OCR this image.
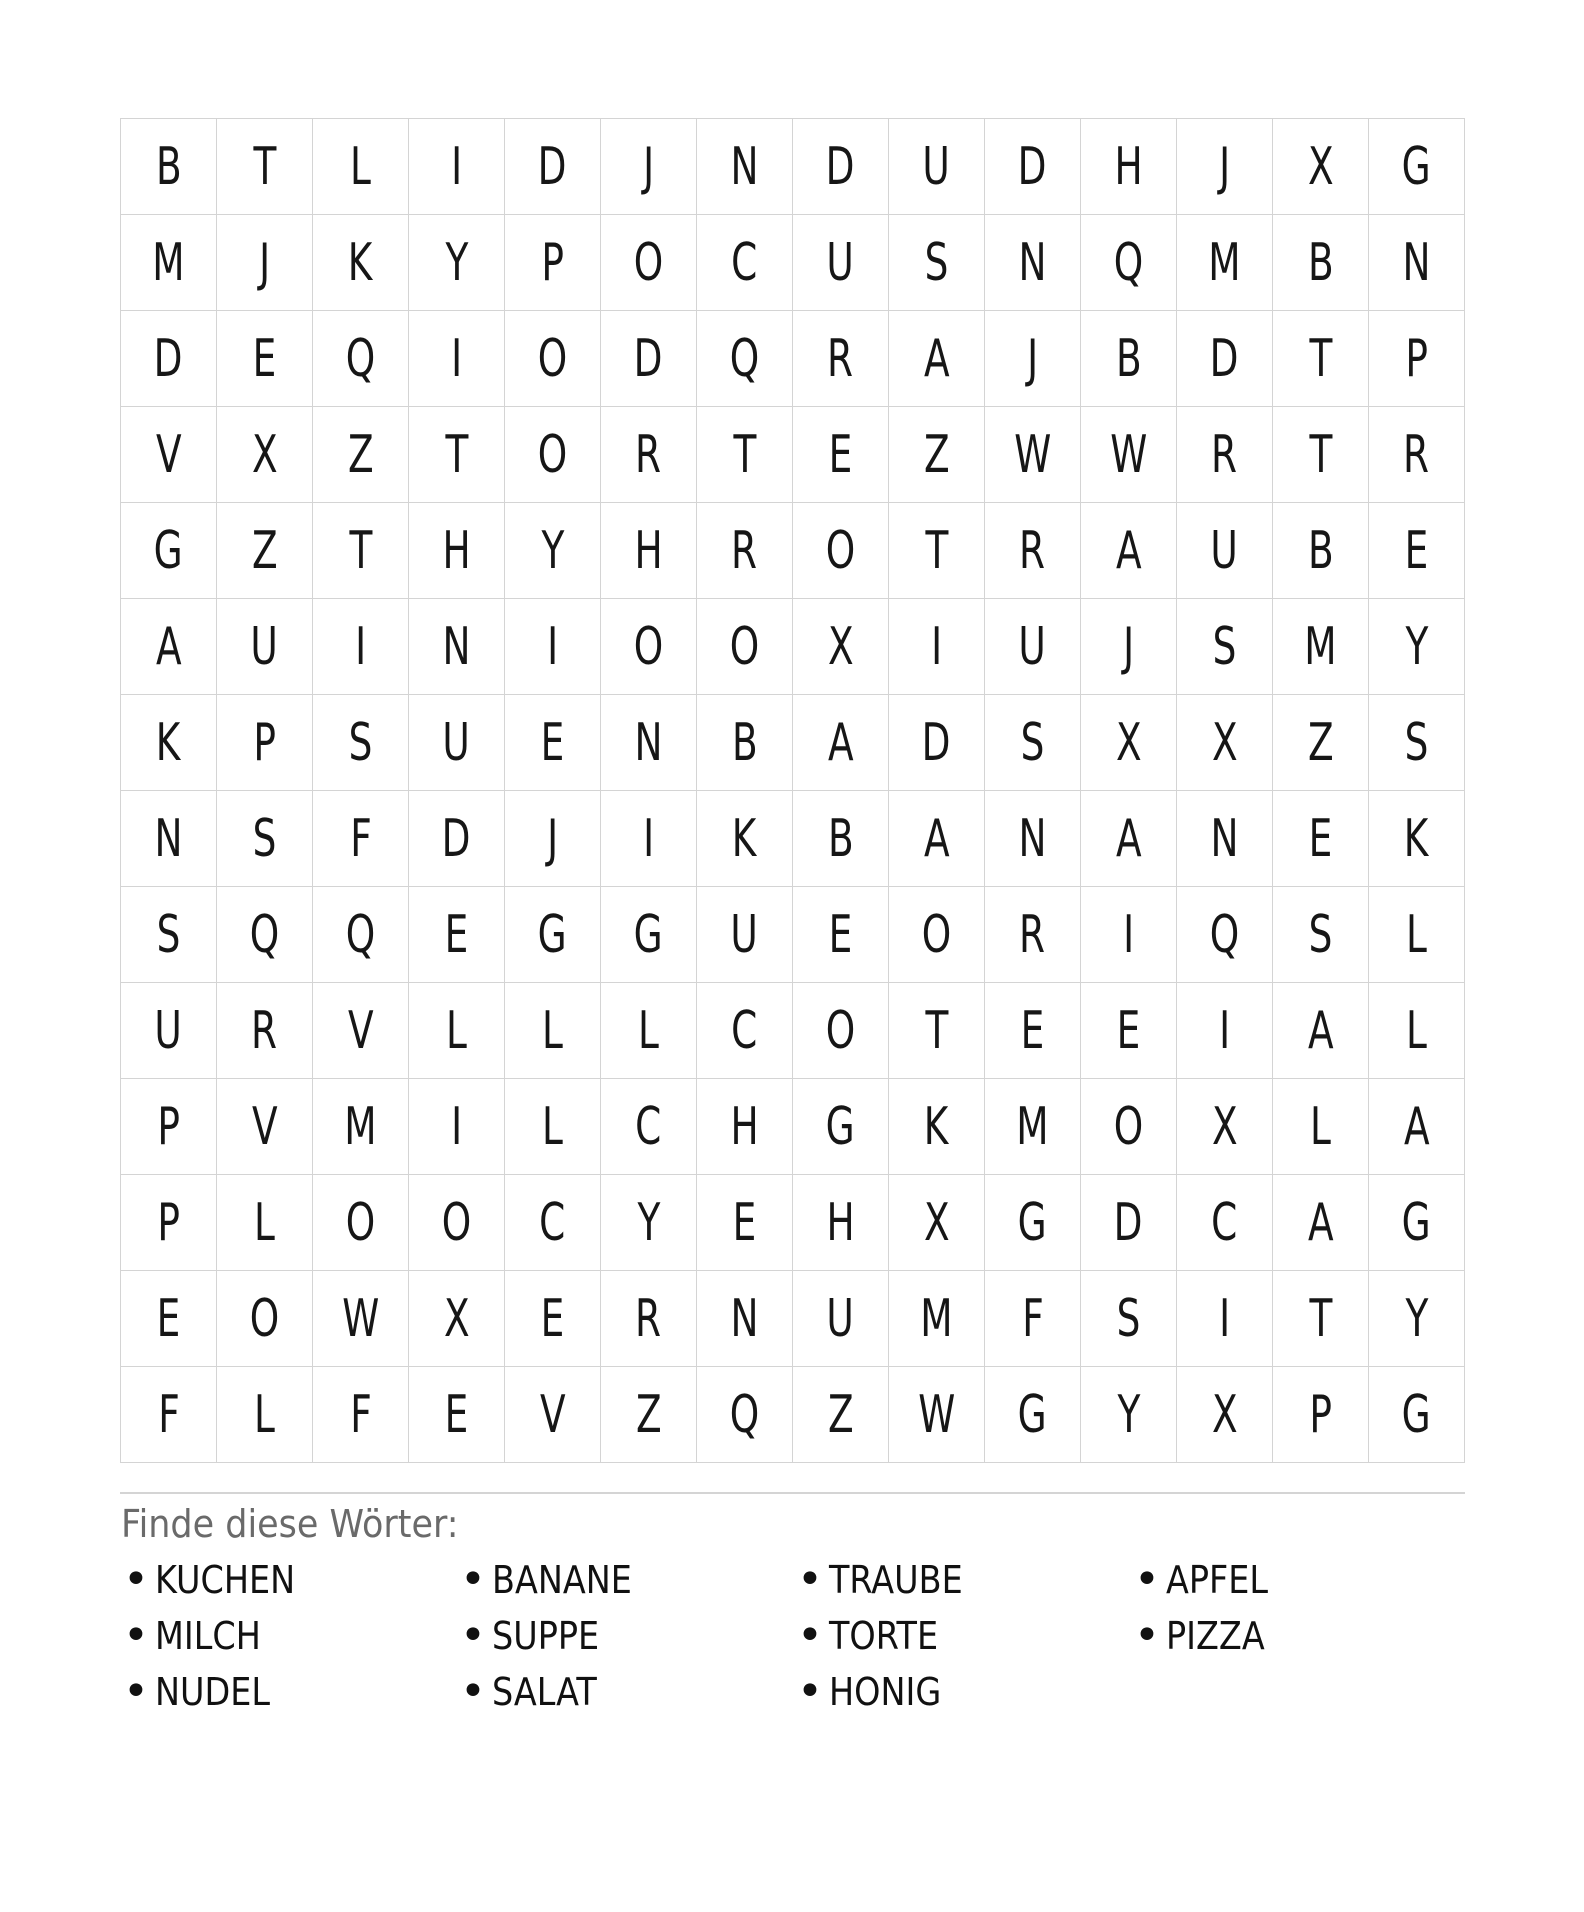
B T L I D J N D U D H J X G
M J K Y P O C U S N Q M B N
D E Q I O D Q R A J B D T P
V X Z T O R T E Z W W R T R
G Z T H Y H R O T R A U B E
A U I N I O O X I U J S M Y
K P S U E N B A D S X X Z S
N S F D J I K B A N A N E K
S Q Q E G G U E O R I Q S L
U R V L L L C O T E E I A L
P V M I L C H G K M O X L A
P L O O C Y E H X G D C A G
E O W X E R N U M F S I T Y
F L F E V Z Q Z W G Y X P G
Finde diese Wörter:
• KUCHEN
• MILCH
• NUDEL
• BANANE
• SUPPE
• SALAT
• TRAUBE
• TORTE
• HONIG
• APFEL
• PIZZA
